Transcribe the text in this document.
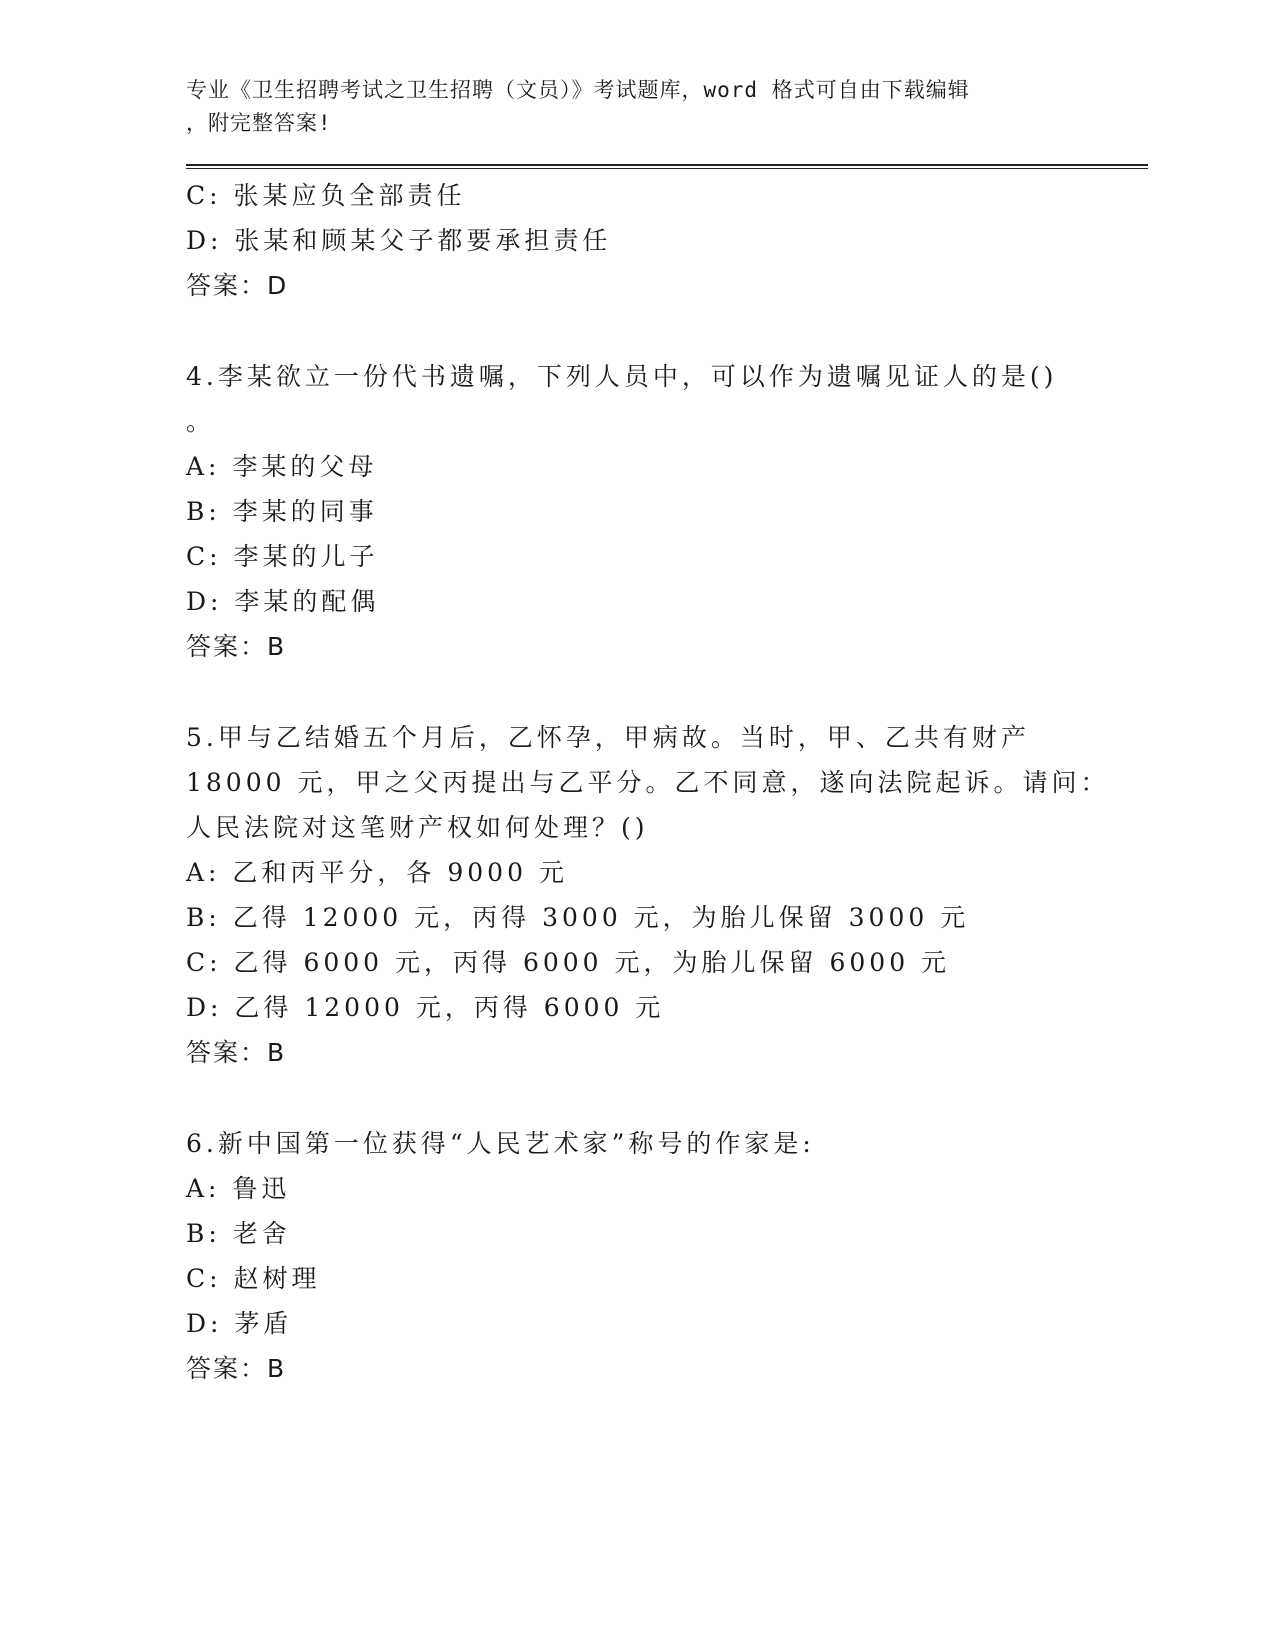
专业《卫生招聘考试之卫生招聘（文员）》考试题库，word 格式可自由下载编辑
，附完整答案!
C: 张某应负全部责任
D: 张某和顾某父子都要承担责任
答案：D
4.李某欲立一份代书遗嘱，下列人员中，可以作为遗嘱见证人的是()
。
A: 李某的父母
B: 李某的同事
C: 李某的儿子
D: 李某的配偶
答案：B
5.甲与乙结婚五个月后，乙怀孕，甲病故。当时，甲、乙共有财产
18000 元，甲之父丙提出与乙平分。乙不同意，遂向法院起诉。请问：
人民法院对这笔财产权如何处理？()
A: 乙和丙平分，各 9000 元
B: 乙得 12000 元，丙得 3000 元，为胎儿保留 3000 元
C: 乙得 6000 元，丙得 6000 元，为胎儿保留 6000 元
D: 乙得 12000 元，丙得 6000 元
答案：B
6.新中国第一位获得“人民艺术家”称号的作家是:
A: 鲁迅
B: 老舍
C: 赵树理
D: 茅盾
答案：B
